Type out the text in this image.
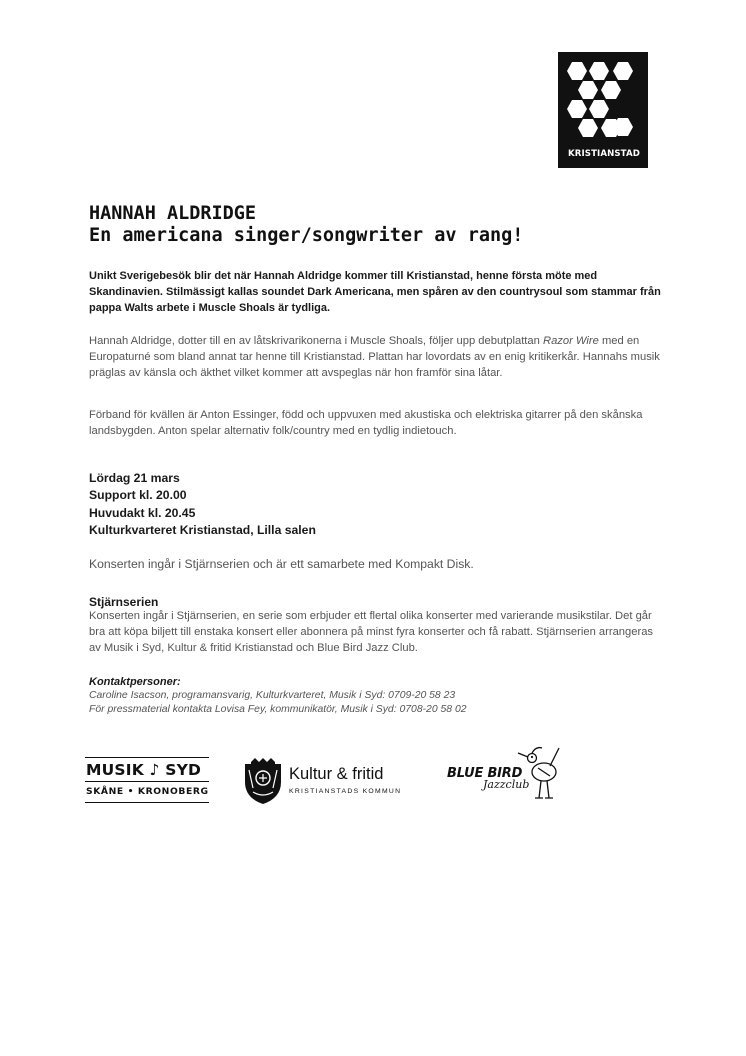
KULTURKVARTERET
KRISTIANSTAD
HANNAH ALDRIDGE
En americana singer/songwriter av rang!

Unikt Sverigebesök blir det när Hannah Aldridge kommer till Kristianstad, henne första möte med Skandinavien. Stilmässigt kallas soundet Dark Americana, men spåren av den countrysoul som stammar från pappa Walts arbete i Muscle Shoals är tydliga.

Hannah Aldridge, dotter till en av låtskrivarikonerna i Muscle Shoals, följer upp debutplattan Razor Wire med en Europaturné som bland annat tar henne till Kristianstad. Plattan har lovordats av en enig kritikerkår. Hannahs musik präglas av känsla och äkthet vilket kommer att avspeglas när hon framför sina låtar.

Förband för kvällen är Anton Essinger, född och uppvuxen med akustiska och elektriska gitarrer på den skånska landsbygden. Anton spelar alternativ folk/country med en tydlig indietouch.

Lördag 21 mars
Support kl. 20.00
Huvudakt kl. 20.45
Kulturkvarteret Kristianstad, Lilla salen

Konserten ingår i Stjärnserien och är ett samarbete med Kompakt Disk.

Stjärnserien

Konserten ingår i Stjärnserien, en serie som erbjuder ett flertal olika konserter med varierande musikstilar. Det går bra att köpa biljett till enstaka konsert eller abonnera på minst fyra konserter och få rabatt. Stjärnserien arrangeras av Musik i Syd, Kultur & fritid Kristianstad och Blue Bird Jazz Club.

Kontaktpersoner:

Caroline Isacson, programansvarig, Kulturkvarteret, Musik i Syd: 0709-20 58 23

För pressmaterial kontakta Lovisa Fey, kommunikatör, Musik i Syd: 0708-20 58 02

MUSIK ♪ SYD
SKÅNE • KRONOBERG
Kultur & fritid
KRISTIANSTADS KOMMUN
BLUE BIRD
Jazzclub
